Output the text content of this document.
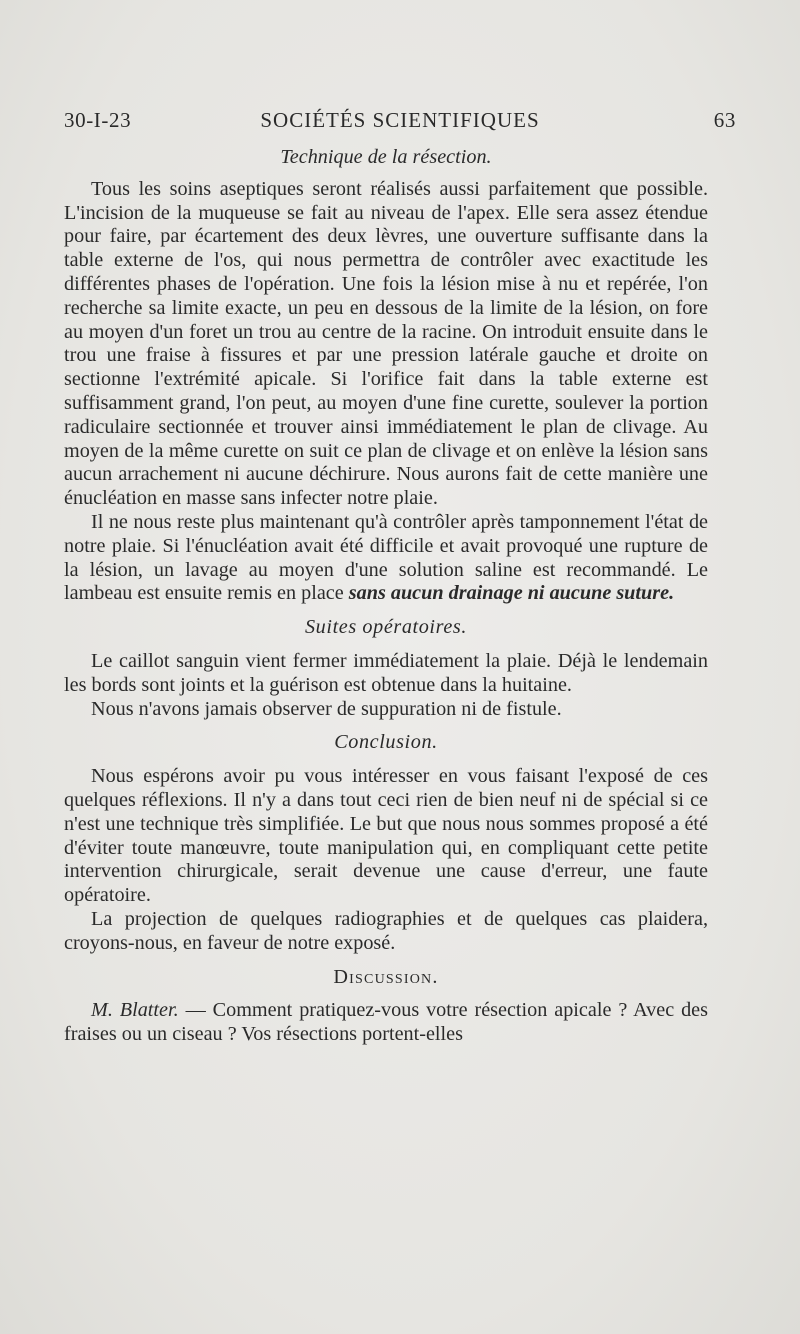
30-I-23	SOCIÉTÉS SCIENTIFIQUES	63
Technique de la résection.

Tous les soins aseptiques seront réalisés aussi parfaitement que possible. L'incision de la muqueuse se fait au niveau de l'apex. Elle sera assez étendue pour faire, par écartement des deux lèvres, une ouverture suffisante dans la table externe de l'os, qui nous permettra de contrôler avec exactitude les différentes phases de l'opération. Une fois la lésion mise à nu et repérée, l'on recherche sa limite exacte, un peu en dessous de la limite de la lésion, on fore au moyen d'un foret un trou au centre de la racine. On introduit ensuite dans le trou une fraise à fissures et par une pression latérale gauche et droite on sectionne l'extrémité apicale. Si l'orifice fait dans la table externe est suffisamment grand, l'on peut, au moyen d'une fine curette, soulever la portion radiculaire sectionnée et trouver ainsi immédiatement le plan de clivage. Au moyen de la même curette on suit ce plan de clivage et on enlève la lésion sans aucun arrachement ni aucune déchirure. Nous aurons fait de cette manière une énucléation en masse sans infecter notre plaie.

Il ne nous reste plus maintenant qu'à contrôler après tamponnement l'état de notre plaie. Si l'énucléation avait été difficile et avait provoqué une rupture de la lésion, un lavage au moyen d'une solution saline est recommandé. Le lambeau est ensuite remis en place sans aucun drainage ni aucune suture.

Suites opératoires.

Le caillot sanguin vient fermer immédiatement la plaie. Déjà le lendemain les bords sont joints et la guérison est obtenue dans la huitaine.

Nous n'avons jamais observer de suppuration ni de fistule.

Conclusion.

Nous espérons avoir pu vous intéresser en vous faisant l'exposé de ces quelques réflexions. Il n'y a dans tout ceci rien de bien neuf ni de spécial si ce n'est une technique très simplifiée. Le but que nous nous sommes proposé a été d'éviter toute manœuvre, toute manipulation qui, en compliquant cette petite intervention chirurgicale, serait devenue une cause d'erreur, une faute opératoire.

La projection de quelques radiographies et de quelques cas plaidera, croyons-nous, en faveur de notre exposé.

Discussion.

M. Blatter. — Comment pratiquez-vous votre résection apicale ? Avec des fraises ou un ciseau ? Vos résections portent-elles
